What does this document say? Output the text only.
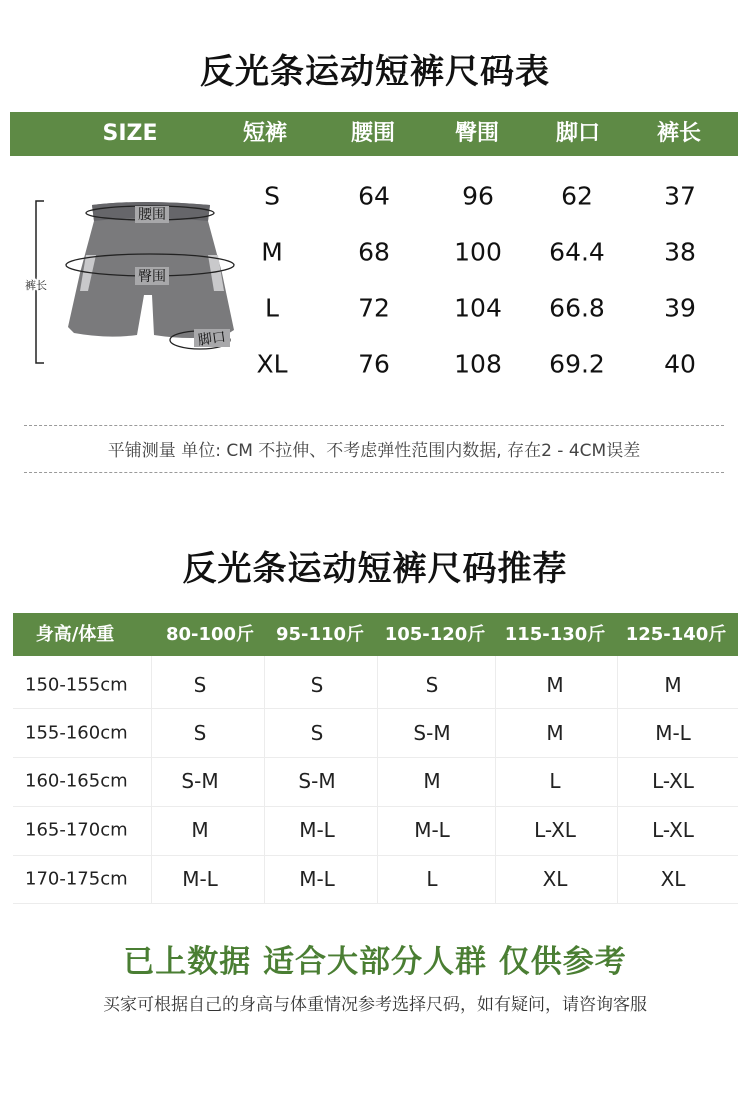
反光条运动短裤尺码表
SIZE	短裤	腰围	臀围	脚口	裤长
腰围
臀围
脚口
裤长
S	64	96	62	37
M	68	100 64.4 38
L	72	104 66.8 39
XL	76	108 69.2 40
平铺测量 单位: CM 不拉伸、不考虑弹性范围内数据, 存在2 - 4CM误差
反光条运动短裤尺码推荐
身高/体重	80-100斤 95-110斤 105-120斤 115-130斤 125-140斤
150-155cm	S	S	S	M	M
155-160cm	S	S	S-M	M	M-L
160-165cm	S-M	S-M	M	L	L-XL
165-170cm	M	M-L	M-L	L-XL	L-XL
170-175cm	M-L	M-L	L	XL	XL
已上数据 适合大部分人群 仅供参考
买家可根据自己的身高与体重情况参考选择尺码，如有疑问，请咨询客服
